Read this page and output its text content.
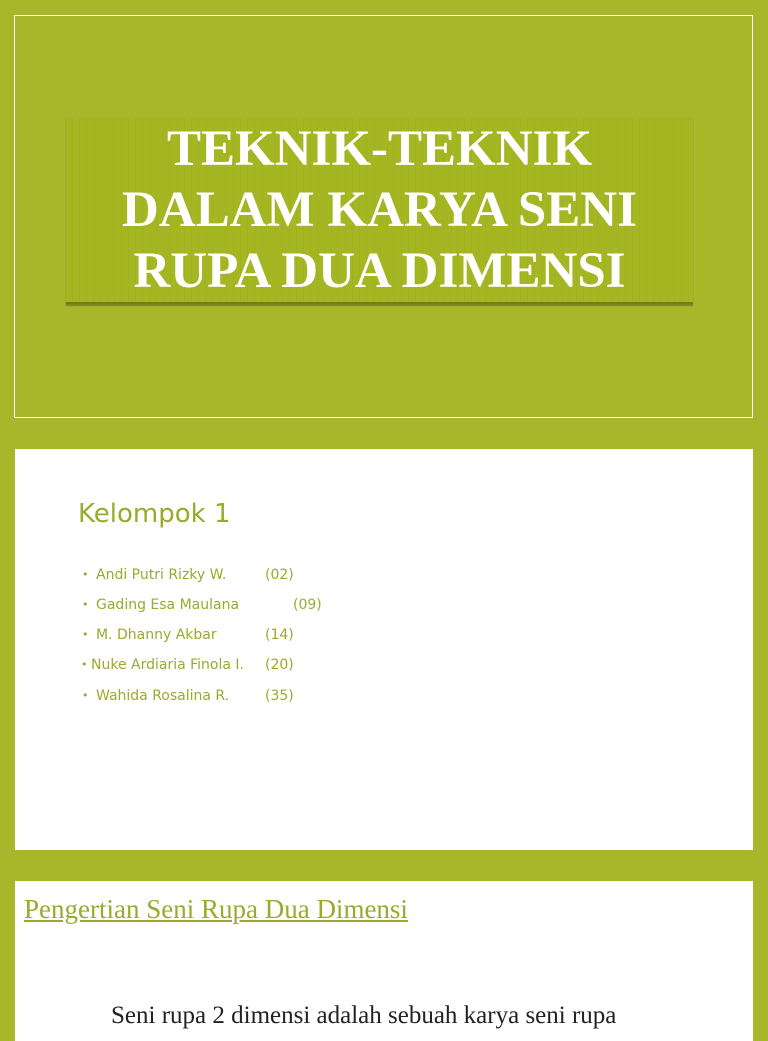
TEKNIK-TEKNIK
DALAM KARYA SENI
RUPA DUA DIMENSI
Kelompok 1
• Andi Putri Rizky W.	(02)
• Gading Esa Maulana	(09)
• M. Dhanny Akbar	(14)
• Nuke Ardiaria Finola I. (20)
• Wahida Rosalina R.	(35)
Pengertian Seni Rupa Dua Dimensi

Seni rupa 2 dimensi adalah sebuah karya seni rupa
